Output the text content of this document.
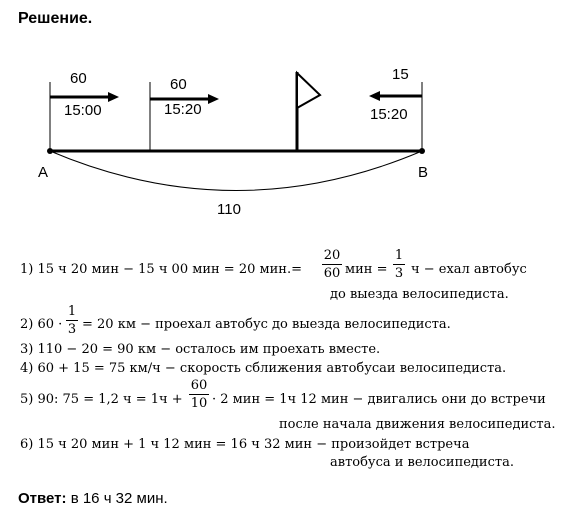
Решение.
60
15:00
60
15:20
15
15:20
A	B
110
1) 15 ч 20 мин − 15 ч 00 мин = 20 $мин.= \frac{20}{60}$ мин = $\frac{1}{3}$ ч − ехал автобус
до выезда велосипедиста.
2) $60 \cdot \frac{1}{3} = 20$ км − проехал автобус до выезда велосипедиста.
3) 110 − 20 = 90 км − осталось им проехать вместе.
4) 60 + 15 = 75 км/ч − скорость сближения автобусаи велосипедиста.
5) 90: 75 = 1,2 $ч = 1ч + \frac{60}{10} \cdot 2$ мин = 1ч 12 мин − двигались они до встречи
после начала движения велосипедиста.
6) 15 ч 20 мин + 1 ч 12 мин = 16 ч 32 мин − произойдет встреча
автобуса и велосипедиста.
Ответ: в 16 ч 32 мин.
